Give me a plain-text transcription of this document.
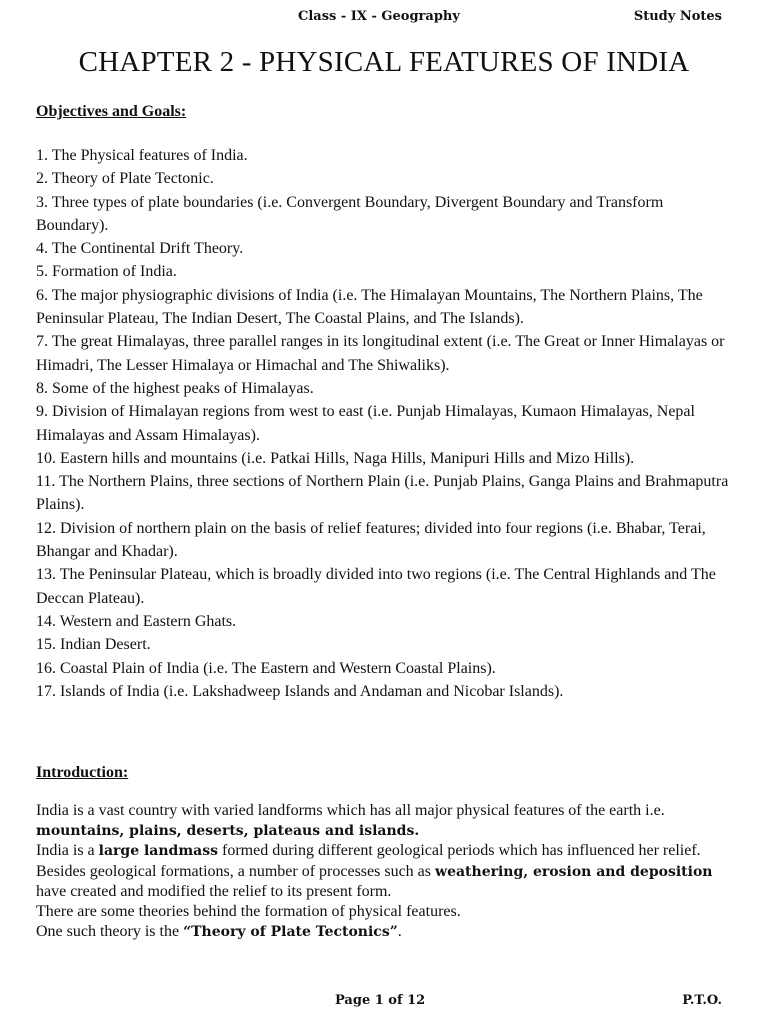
Class - IX - Geography	Study Notes
CHAPTER 2 - PHYSICAL FEATURES OF INDIA
Objectives and Goals:
1. The Physical features of India.
2. Theory of Plate Tectonic.
3. Three types of plate boundaries (i.e. Convergent Boundary, Divergent Boundary and Transform Boundary).
4. The Continental Drift Theory.
5. Formation of India.
6. The major physiographic divisions of India (i.e. The Himalayan Mountains, The Northern Plains, The Peninsular Plateau, The Indian Desert, The Coastal Plains, and The Islands).
7. The great Himalayas, three parallel ranges in its longitudinal extent (i.e. The Great or Inner Himalayas or Himadri, The Lesser Himalaya or Himachal and The Shiwaliks).
8. Some of the highest peaks of Himalayas.
9. Division of Himalayan regions from west to east (i.e. Punjab Himalayas, Kumaon Himalayas, Nepal Himalayas and Assam Himalayas).
10. Eastern hills and mountains (i.e. Patkai Hills, Naga Hills, Manipuri Hills and Mizo Hills).
11. The Northern Plains, three sections of Northern Plain (i.e. Punjab Plains, Ganga Plains and Brahmaputra Plains).
12. Division of northern plain on the basis of relief features; divided into four regions (i.e. Bhabar, Terai, Bhangar and Khadar).
13. The Peninsular Plateau, which is broadly divided into two regions (i.e. The Central Highlands and The Deccan Plateau).
14. Western and Eastern Ghats.
15. Indian Desert.
16. Coastal Plain of India (i.e. The Eastern and Western Coastal Plains).
17. Islands of India (i.e. Lakshadweep Islands and Andaman and Nicobar Islands).
Introduction:

India is a vast country with varied landforms which has all major physical features of the earth i.e. mountains, plains, deserts, plateaus and islands.

India is a large landmass formed during different geological periods which has influenced her relief.

Besides geological formations, a number of processes such as weathering, erosion and deposition have created and modified the relief to its present form.

There are some theories behind the formation of physical features.

One such theory is the “Theory of Plate Tectonics”.

Page 1 of 12	P.T.O.
